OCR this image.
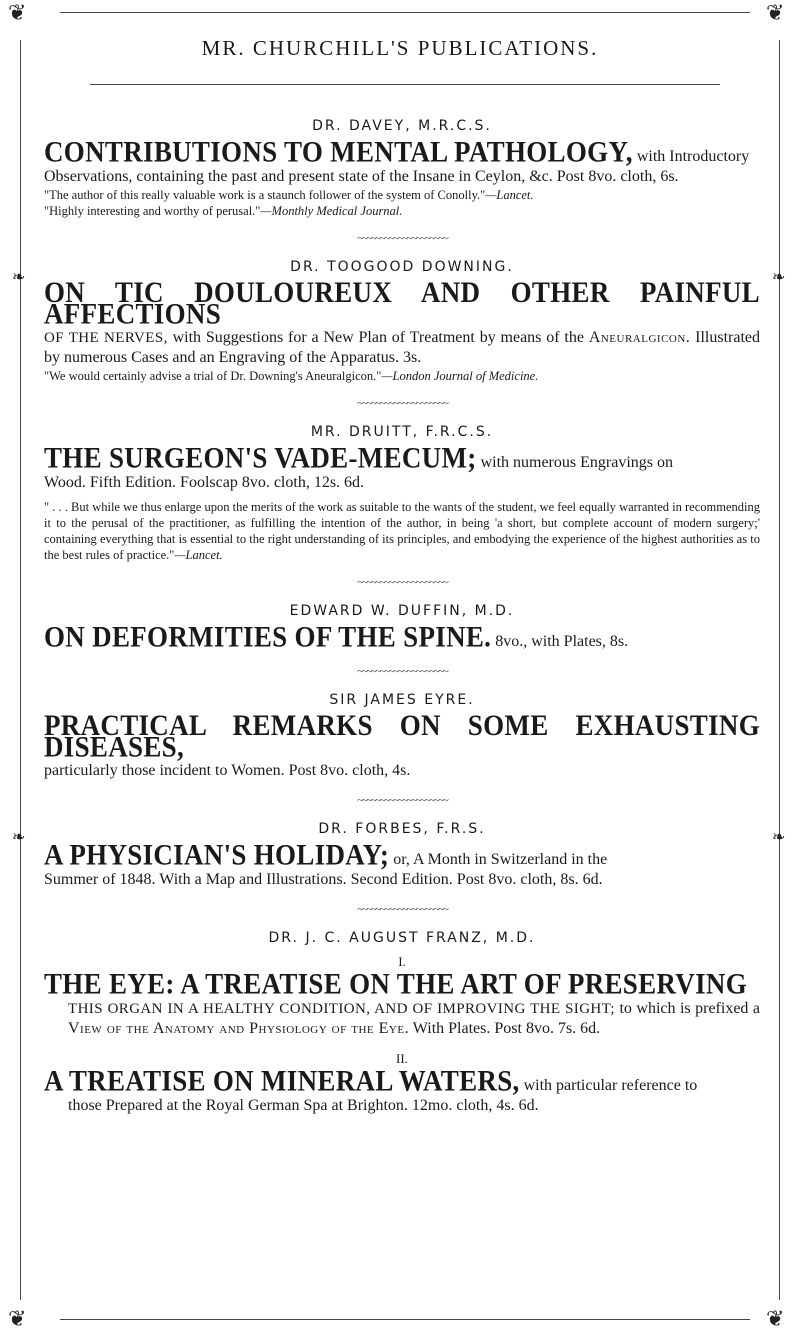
❦	❦
❦	❦
❧
❧
❧
❧
MR. CHURCHILL'S PUBLICATIONS.
DR. DAVEY, M.R.C.S.
CONTRIBUTIONS TO MENTAL PATHOLOGY, with Introductory
Observations, containing the past and present state of the Insane in Ceylon, &c. Post 8vo. cloth, 6s.
"The author of this really valuable work is a staunch follower of the system of Conolly."—Lancet.
"Highly interesting and worthy of perusal."—Monthly Medical Journal.
~~~~~~~~~~~~~~~~~~~~
DR. TOOGOOD DOWNING.
ON TIC DOULOUREUX AND OTHER PAINFUL AFFECTIONS
OF THE NERVES, with Suggestions for a New Plan of Treatment by means of the Aneuralgicon. Illustrated by numerous Cases and an Engraving of the Apparatus. 3s.
"We would certainly advise a trial of Dr. Downing's Aneuralgicon."—London Journal of Medicine.
~~~~~~~~~~~~~~~~~~~~
MR. DRUITT, F.R.C.S.
THE SURGEON'S VADE-MECUM; with numerous Engravings on
Wood. Fifth Edition. Foolscap 8vo. cloth, 12s. 6d.
" . . . But while we thus enlarge upon the merits of the work as suitable to the wants of the student, we feel equally warranted in recommending it to the perusal of the practitioner, as fulfilling the intention of the author, in being 'a short, but complete account of modern surgery;' containing everything that is essential to the right understanding of its principles, and embodying the experience of the highest authorities as to the best rules of practice."—Lancet.
~~~~~~~~~~~~~~~~~~~~
EDWARD W. DUFFIN, M.D.
ON DEFORMITIES OF THE SPINE. 8vo., with Plates, 8s.
~~~~~~~~~~~~~~~~~~~~
SIR JAMES EYRE.
PRACTICAL REMARKS ON SOME EXHAUSTING DISEASES,
particularly those incident to Women. Post 8vo. cloth, 4s.
~~~~~~~~~~~~~~~~~~~~
DR. FORBES, F.R.S.
A PHYSICIAN'S HOLIDAY; or, A Month in Switzerland in the
Summer of 1848. With a Map and Illustrations. Second Edition. Post 8vo. cloth, 8s. 6d.
~~~~~~~~~~~~~~~~~~~~
DR. J. C. AUGUST FRANZ, M.D.
I.
THE EYE: A TREATISE ON THE ART OF PRESERVING
THIS ORGAN IN A HEALTHY CONDITION, AND OF IMPROVING THE SIGHT; to which is prefixed a View of the Anatomy and Physiology of the Eye. With Plates. Post 8vo. 7s. 6d.
II.
A TREATISE ON MINERAL WATERS, with particular reference to
those Prepared at the Royal German Spa at Brighton. 12mo. cloth, 4s. 6d.
